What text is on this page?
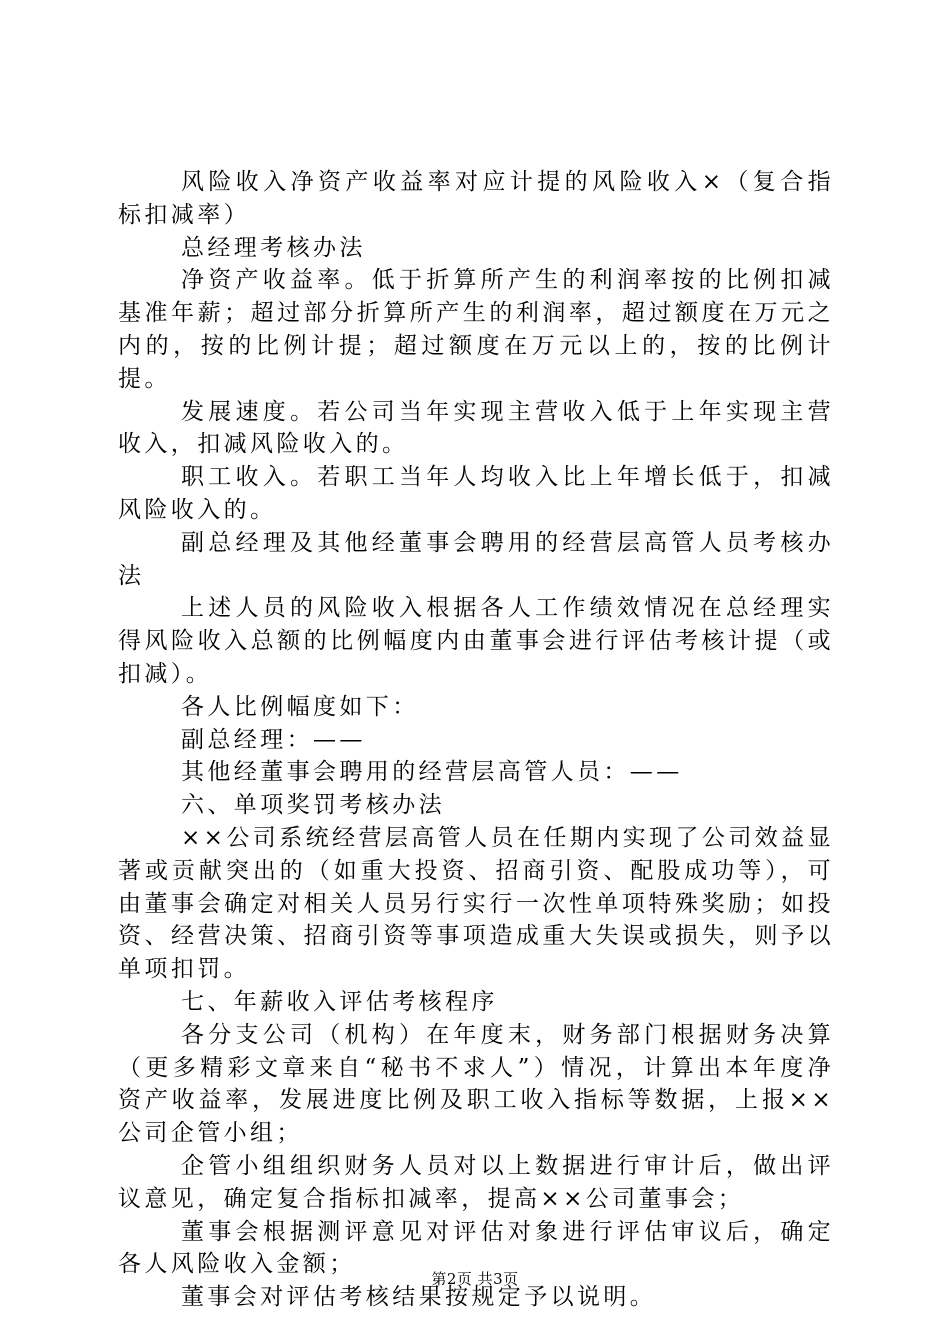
风险收入净资产收益率对应计提的风险收入×（复合指标扣减率）

总经理考核办法

净资产收益率。低于折算所产生的利润率按的比例扣减基准年薪；超过部分折算所产生的利润率，超过额度在万元之内的，按的比例计提；超过额度在万元以上的，按的比例计提。

发展速度。若公司当年实现主营收入低于上年实现主营收入，扣减风险收入的。

职工收入。若职工当年人均收入比上年增长低于，扣减风险收入的。

副总经理及其他经董事会聘用的经营层高管人员考核办法

上述人员的风险收入根据各人工作绩效情况在总经理实得风险收入总额的比例幅度内由董事会进行评估考核计提（或扣减）。

各人比例幅度如下：

副总经理：——

其他经董事会聘用的经营层高管人员：——

六、单项奖罚考核办法

××公司系统经营层高管人员在任期内实现了公司效益显著或贡献突出的（如重大投资、招商引资、配股成功等），可由董事会确定对相关人员另行实行一次性单项特殊奖励；如投资、经营决策、招商引资等事项造成重大失误或损失，则予以单项扣罚。

七、年薪收入评估考核程序

各分支公司（机构）在年度末，财务部门根据财务决算（更多精彩文章来自“秘书不求人”）情况，计算出本年度净资产收益率，发展进度比例及职工收入指标等数据，上报××公司企管小组；

企管小组组织财务人员对以上数据进行审计后，做出评议意见，确定复合指标扣减率，提高××公司董事会；

董事会根据测评意见对评估对象进行评估审议后，确定各人风险收入金额；

董事会对评估考核结果按规定予以说明。

第2页 共3页
